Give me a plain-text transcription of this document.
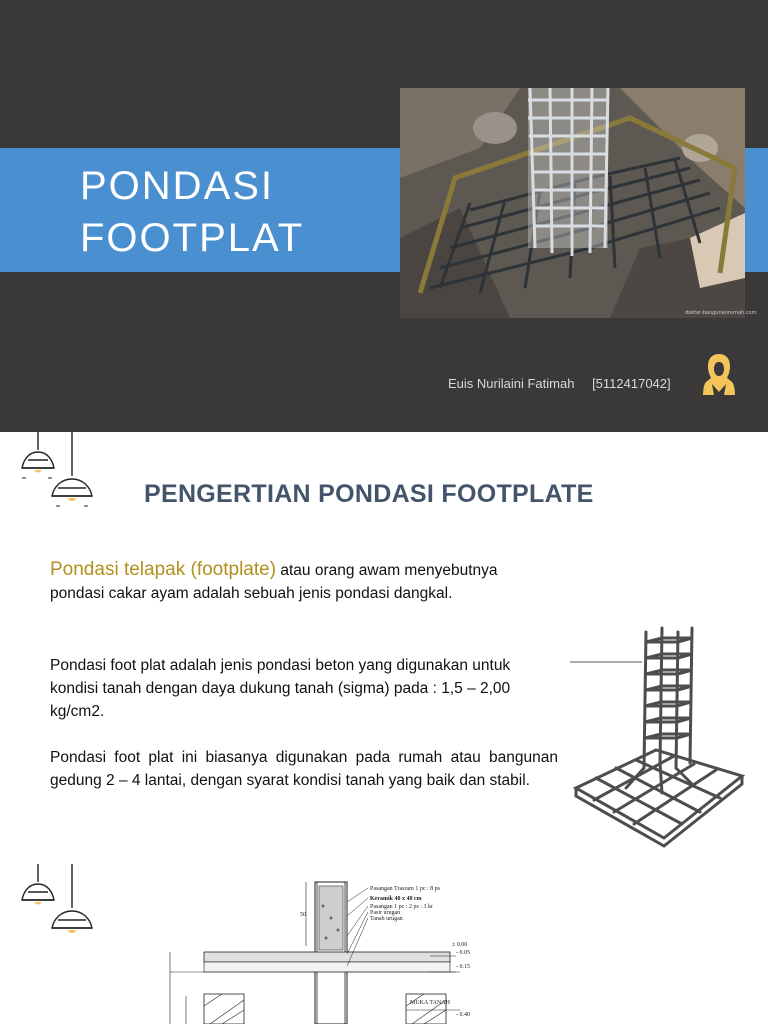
PONDASI
FOOTPLAT
dokter-bangunanrumah.com
Euis Nurilaini Fatimah [5112417042]
PENGERTIAN PONDASI FOOTPLATE

Pondasi telapak (footplate) atau orang awam menyebutnya pondasi cakar ayam adalah sebuah jenis pondasi dangkal.

Pondasi foot plat adalah jenis pondasi beton yang digunakan untuk kondisi tanah dengan daya dukung tanah (sigma) pada : 1,5 – 2,00 kg/cm2.

Pondasi foot plat ini biasanya digunakan pada rumah atau bangunan gedung 2 – 4 lantai, dengan syarat kondisi tanah yang baik dan stabil.

50
Pasangan Trasram 1 pc : 8 ps
Keramik 40 x 40 cm
Pasangan 1 pc : 2 ps : 3 kr
Pasir urugan
Tanah urugan
± 0.00
- 0.05
- 0.15
MUKA TANAH
- 0.40
